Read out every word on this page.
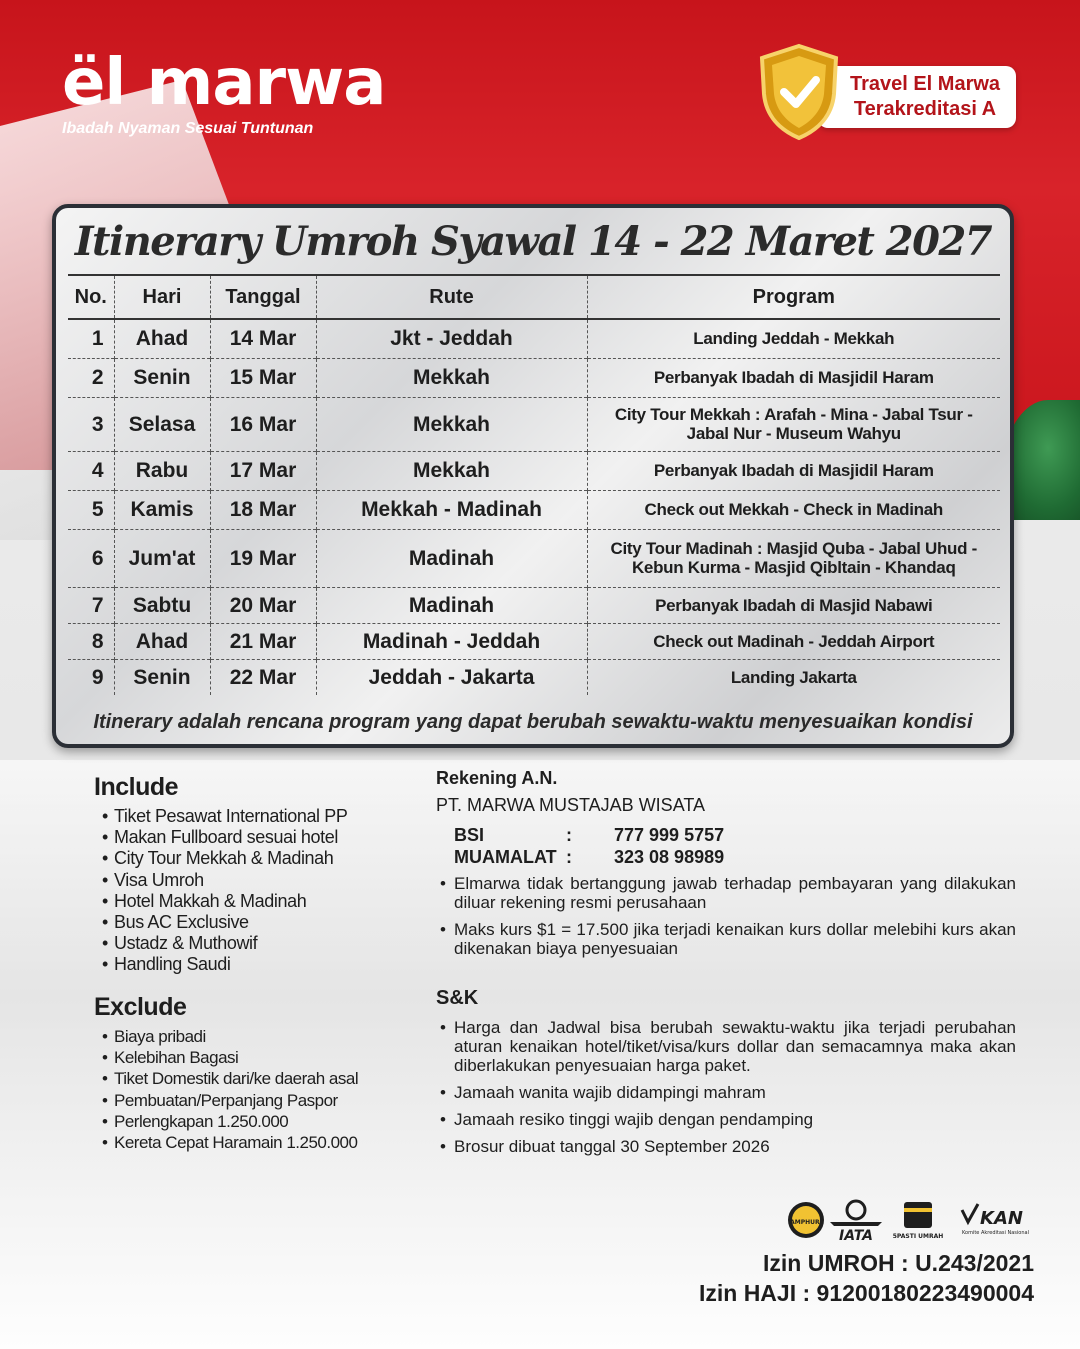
ël marwa
Ibadah Nyaman Sesuai Tuntunan
Travel El Marwa
Terakreditasi A
Itinerary Umroh Syawal 14 - 22 Maret 2027
No.	Hari	Tanggal	Rute	Program
1	Ahad	14 Mar	Jkt - Jeddah	Landing Jeddah - Mekkah
2	Senin	15 Mar	Mekkah	Perbanyak Ibadah di Masjidil Haram
3	Selasa	16 Mar	Mekkah	City Tour Mekkah : Arafah - Mina - Jabal Tsur - Jabal Nur - Museum Wahyu
4	Rabu	17 Mar	Mekkah	Perbanyak Ibadah di Masjidil Haram
5	Kamis	18 Mar	Mekkah - Madinah	Check out Mekkah - Check in Madinah
6	Jum'at	19 Mar	Madinah	City Tour Madinah : Masjid Quba - Jabal Uhud - Kebun Kurma - Masjid Qibltain - Khandaq
7	Sabtu	20 Mar	Madinah	Perbanyak Ibadah di Masjid Nabawi
8	Ahad	21 Mar	Madinah - Jeddah	Check out Madinah - Jeddah Airport
9	Senin	22 Mar	Jeddah - Jakarta	Landing Jakarta
Itinerary adalah rencana program yang dapat berubah sewaktu-waktu menyesuaikan kondisi
Include
• Tiket Pesawat International PP
• Makan Fullboard sesuai hotel
• City Tour Mekkah & Madinah
• Visa Umroh
• Hotel Makkah & Madinah
• Bus AC Exclusive
• Ustadz & Muthowif
• Handling Saudi
Exclude
• Biaya pribadi
• Kelebihan Bagasi
• Tiket Domestik dari/ke daerah asal
• Pembuatan/Perpanjang Paspor
• Perlengkapan 1.250.000
• Kereta Cepat Haramain 1.250.000
Rekening A.N.
PT. MARWA MUSTAJAB WISATA
BSI	:	777 999 5757
MUAMALAT :	323 08 98989
• Elmarwa tidak bertanggung jawab terhadap pembayaran yang dilakukan diluar rekening resmi perusahaan
• Maks kurs $1 = 17.500 jika terjadi kenaikan kurs dollar melebihi kurs akan dikenakan biaya penyesuaian
S&K
• Harga dan Jadwal bisa berubah sewaktu-waktu jika terjadi perubahan aturan kenaikan hotel/tiket/visa/kurs dollar dan semacamnya maka akan diberlakukan penyesuaian harga paket.
• Jamaah wanita wajib didampingi mahram
• Jamaah resiko tinggi wajib dengan pendamping
• Brosur dibuat tanggal 30 September 2026
AMPHURI
IATA	5PASTI UMRAH
KAN
Komite Akreditasi Nasional
Izin UMROH : U.243/2021
Izin HAJI : 91200180223490004
